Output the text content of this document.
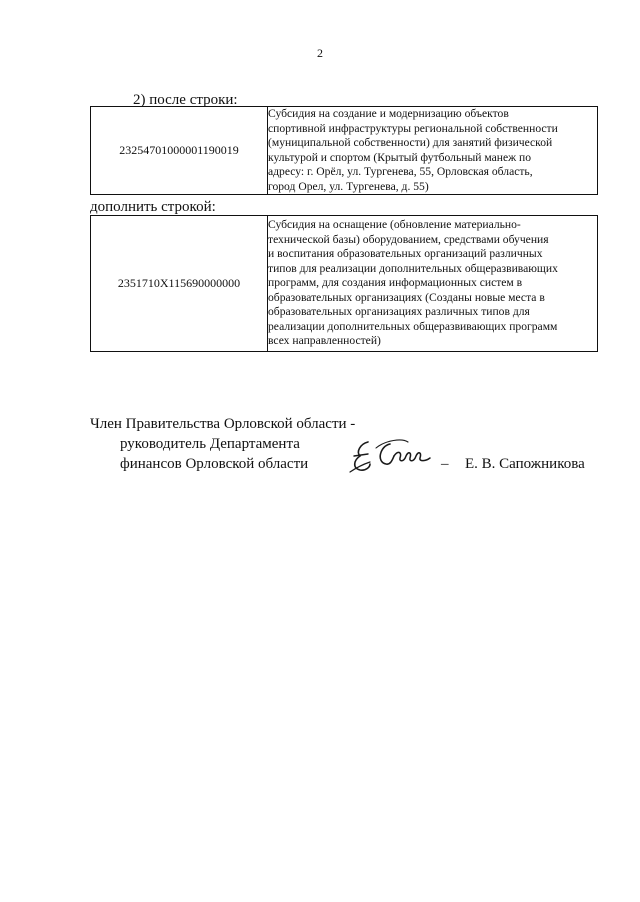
2
2) после строки:
23254701000001190019	
Субсидия на создание и модернизацию объектов
спортивной инфраструктуры региональной собственности
(муниципальной собственности) для занятий физической
культурой и спортом (Крытый футбольный манеж по
адресу: г. Орёл, ул. Тургенева, 55, Орловская область,
город Орел, ул. Тургенева, д. 55)
дополнить строкой:
2351710X115690000000	
Субсидия на оснащение (обновление материально-
технической базы) оборудованием, средствами обучения
и воспитания образовательных организаций различных
типов для реализации дополнительных общеразвивающих
программ, для создания информационных систем в
образовательных организациях (Созданы новые места в
образовательных организациях различных типов для
реализации дополнительных общеразвивающих программ
всех направленностей)
Член Правительства Орловской области -
руководитель Департамента
финансов Орловской области	– Е. В. Сапожникова
